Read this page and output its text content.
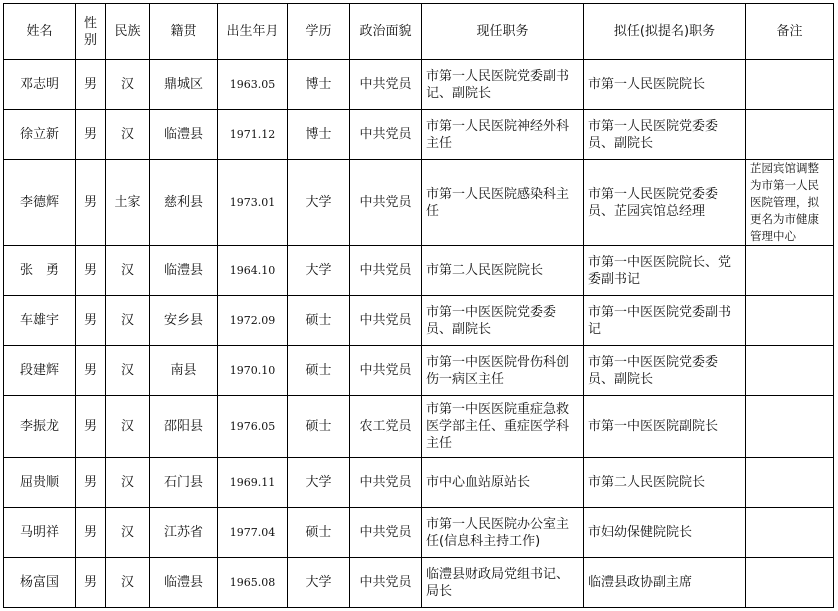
姓名	性别	民族	籍贯	出生年月	学历	政治面貌	现任职务	拟任(拟提名)职务	备注
邓志明	男	汉	鼎城区	1963.05	博士	中共党员	市第一人民医院党委副书记、副院长	市第一人民医院院长	
徐立新	男	汉	临澧县	1971.12	博士	中共党员	市第一人民医院神经外科主任	市第一人民医院党委委员、副院长	
李德辉	男	土家	慈利县	1973.01	大学	中共党员	市第一人民医院感染科主任	市第一人民医院党委委员、芷园宾馆总经理	芷园宾馆调整为市第一人民医院管理，拟更名为市健康管理中心
张　勇	男	汉	临澧县	1964.10	大学	中共党员	市第二人民医院院长	市第一中医医院院长、党委副书记	
车雄宇	男	汉	安乡县	1972.09	硕士	中共党员	市第一中医医院党委委员、副院长	市第一中医医院党委副书记	
段建辉	男	汉	南县	1970.10	硕士	中共党员	市第一中医医院骨伤科创伤一病区主任	市第一中医医院党委委员、副院长	
李振龙	男	汉	邵阳县	1976.05	硕士	农工党员	市第一中医医院重症急救医学部主任、重症医学科主任	市第一中医医院副院长	
屈贵顺	男	汉	石门县	1969.11	大学	中共党员	市中心血站原站长	市第二人民医院院长	
马明祥	男	汉	江苏省	1977.04	硕士	中共党员	市第一人民医院办公室主任(信息科主持工作)	市妇幼保健院院长	
杨富国	男	汉	临澧县	1965.08	大学	中共党员	临澧县财政局党组书记、局长	临澧县政协副主席	
